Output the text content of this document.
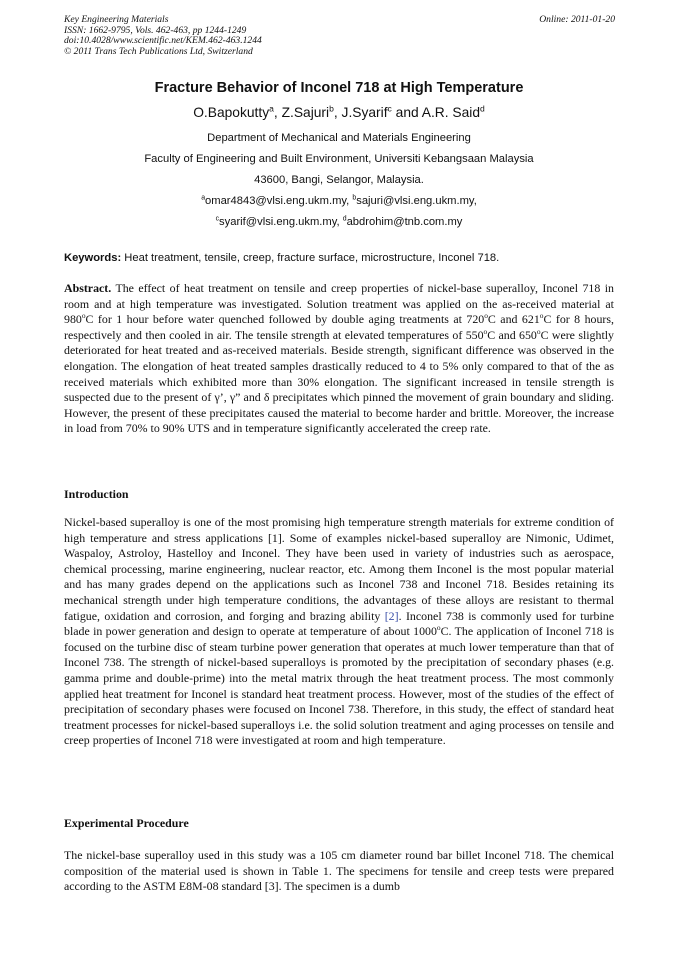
Key Engineering Materials
ISSN: 1662-9795, Vols. 462-463, pp 1244-1249
doi:10.4028/www.scientific.net/KEM.462-463.1244
© 2011 Trans Tech Publications Ltd, Switzerland
Online: 2011-01-20
Fracture Behavior of Inconel 718 at High Temperature
O.Bapokutty$^a$, Z.Sajuri$^b$, J.Syarif$^c$ and A.R. Said$^d$
Department of Mechanical and Materials Engineering
Faculty of Engineering and Built Environment, Universiti Kebangsaan Malaysia
43600, Bangi, Selangor, Malaysia.
$^a$omar4843@vlsi.eng.ukm.my, $^b$sajuri@vlsi.eng.ukm.my,
$^c$syarif@vlsi.eng.ukm.my, $^d$abdrohim@tnb.com.my
Keywords: Heat treatment, tensile, creep, fracture surface, microstructure, Inconel 718.
Abstract. The effect of heat treatment on tensile and creep properties of nickel-base superalloy, Inconel 718 in room and at high temperature was investigated. Solution treatment was applied on the as-received material at 980$^o$C for 1 hour before water quenched followed by double aging treatments at 720$^o$C and 621$^o$C for 8 hours, respectively and then cooled in air. The tensile strength at elevated temperatures of 550$^o$C and 650$^o$C were slightly deteriorated for heat treated and as-received materials. Beside strength, significant difference was observed in the elongation. The elongation of heat treated samples drastically reduced to 4 to 5% only compared to that of the as received materials which exhibited more than 30% elongation. The significant increased in tensile strength is suspected due to the present of γ’, γ” and δ precipitates which pinned the movement of grain boundary and sliding. However, the present of these precipitates caused the material to become harder and brittle. Moreover, the increase in load from 70% to 90% UTS and in temperature significantly accelerated the creep rate.
Introduction
Nickel-based superalloy is one of the most promising high temperature strength materials for extreme condition of high temperature and stress applications [1]. Some of examples nickel-based superalloy are Nimonic, Udimet, Waspaloy, Astroloy, Hastelloy and Inconel. They have been used in variety of industries such as aerospace, chemical processing, marine engineering, nuclear reactor, etc. Among them Inconel is the most popular material and has many grades depend on the applications such as Inconel 738 and Inconel 718. Besides retaining its mechanical strength under high temperature conditions, the advantages of these alloys are resistant to thermal fatigue, oxidation and corrosion, and forging and brazing ability [2]. Inconel 738 is commonly used for turbine blade in power generation and design to operate at temperature of about 1000$^o$C. The application of Inconel 718 is focused on the turbine disc of steam turbine power generation that operates at much lower temperature than that of Inconel 738. The strength of nickel-based superalloys is promoted by the precipitation of secondary phases (e.g. gamma prime and double-prime) into the metal matrix through the heat treatment process. The most commonly applied heat treatment for Inconel is standard heat treatment process. However, most of the studies of the effect of precipitation of secondary phases were focused on Inconel 738. Therefore, in this study, the effect of standard heat treatment processes for nickel-based superalloys i.e. the solid solution treatment and aging processes on tensile and creep properties of Inconel 718 were investigated at room and high temperature.
Experimental Procedure
The nickel-base superalloy used in this study was a 105 cm diameter round bar billet Inconel 718. The chemical composition of the material used is shown in Table 1. The specimens for tensile and creep tests were prepared according to the ASTM E8M-08 standard [3]. The specimen is a dumb
